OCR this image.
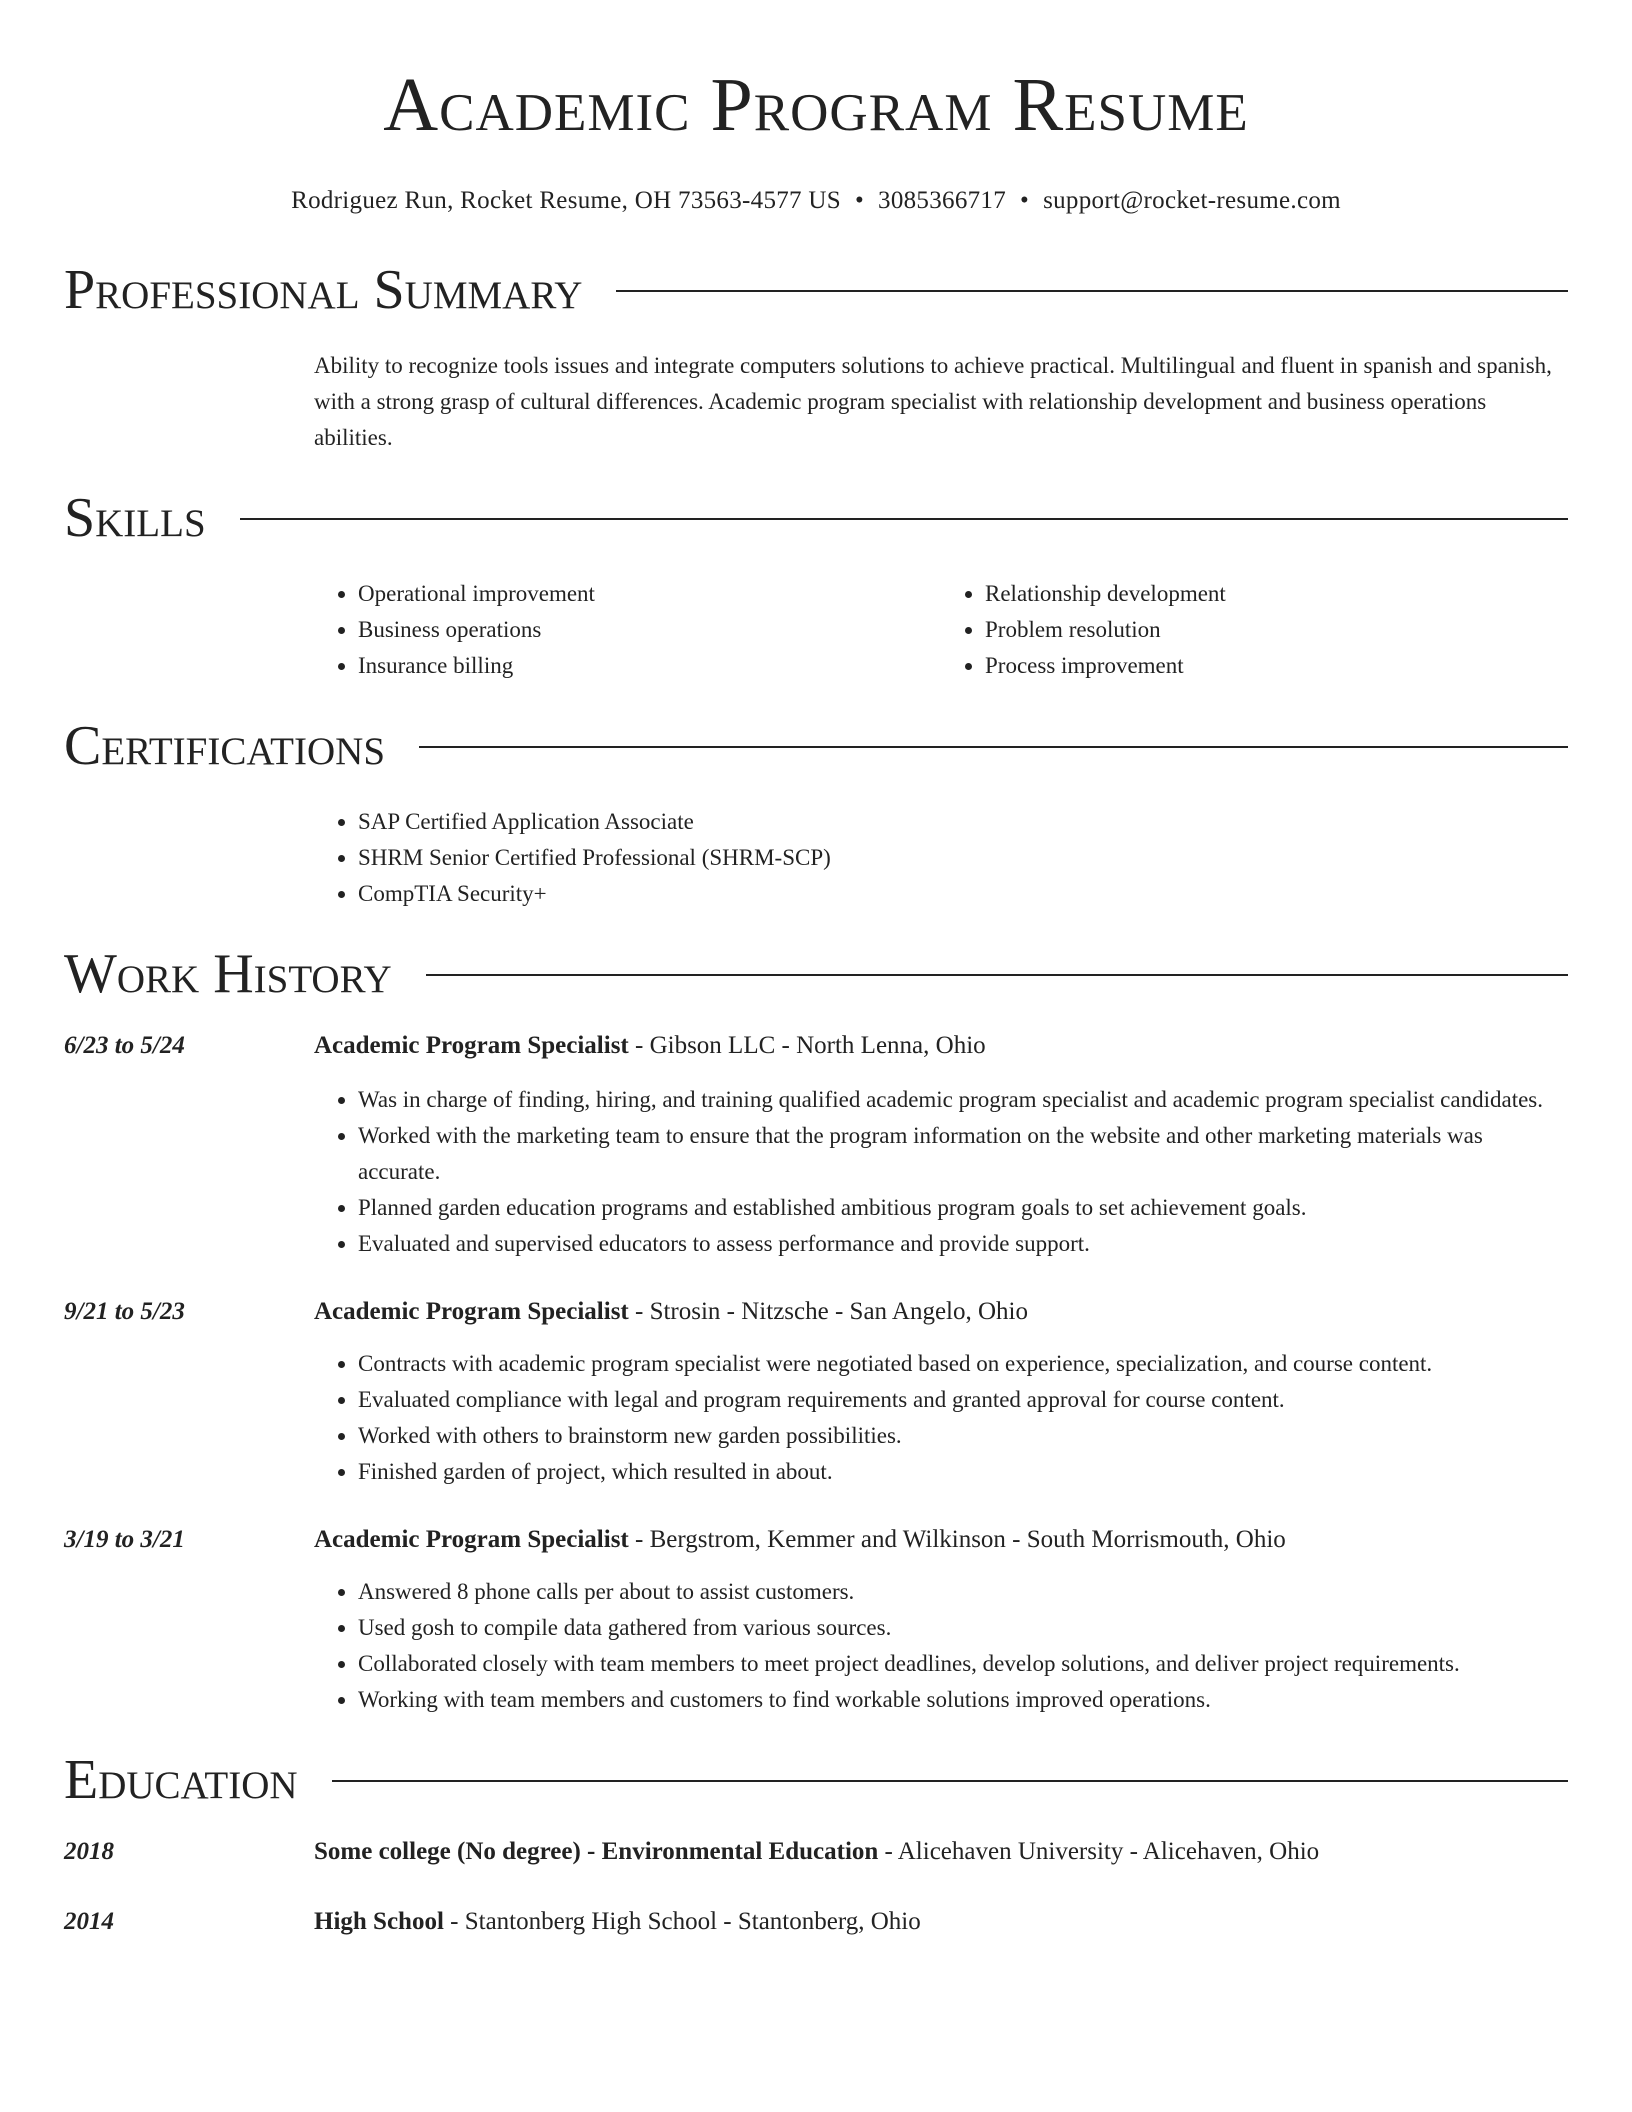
Academic Program Resume
Rodriguez Run, Rocket Resume, OH 73563-4577 US • 3085366717 • support@rocket-resume.com
Professional Summary
Ability to recognize tools issues and integrate computers solutions to achieve practical. Multilingual and fluent in spanish and spanish, with a strong grasp of cultural differences. Academic program specialist with relationship development and business operations abilities.
Skills
• Operational improvement
• Business operations
• Insurance billing
• Relationship development
• Problem resolution
• Process improvement
Certifications
• SAP Certified Application Associate
• SHRM Senior Certified Professional (SHRM-SCP)
• CompTIA Security+
Work History
6/23 to 5/24	Academic Program Specialist - Gibson LLC - North Lenna, Ohio
• Was in charge of finding, hiring, and training qualified academic program specialist and academic program specialist candidates.
• Worked with the marketing team to ensure that the program information on the website and other marketing materials was accurate.
• Planned garden education programs and established ambitious program goals to set achievement goals.
• Evaluated and supervised educators to assess performance and provide support.
9/21 to 5/23	Academic Program Specialist - Strosin - Nitzsche - San Angelo, Ohio
• Contracts with academic program specialist were negotiated based on experience, specialization, and course content.
• Evaluated compliance with legal and program requirements and granted approval for course content.
• Worked with others to brainstorm new garden possibilities.
• Finished garden of project, which resulted in about.
3/19 to 3/21	Academic Program Specialist - Bergstrom, Kemmer and Wilkinson - South Morrismouth, Ohio
• Answered 8 phone calls per about to assist customers.
• Used gosh to compile data gathered from various sources.
• Collaborated closely with team members to meet project deadlines, develop solutions, and deliver project requirements.
• Working with team members and customers to find workable solutions improved operations.
Education
2018	Some college (No degree) - Environmental Education - Alicehaven University - Alicehaven, Ohio
2014	High School - Stantonberg High School - Stantonberg, Ohio
